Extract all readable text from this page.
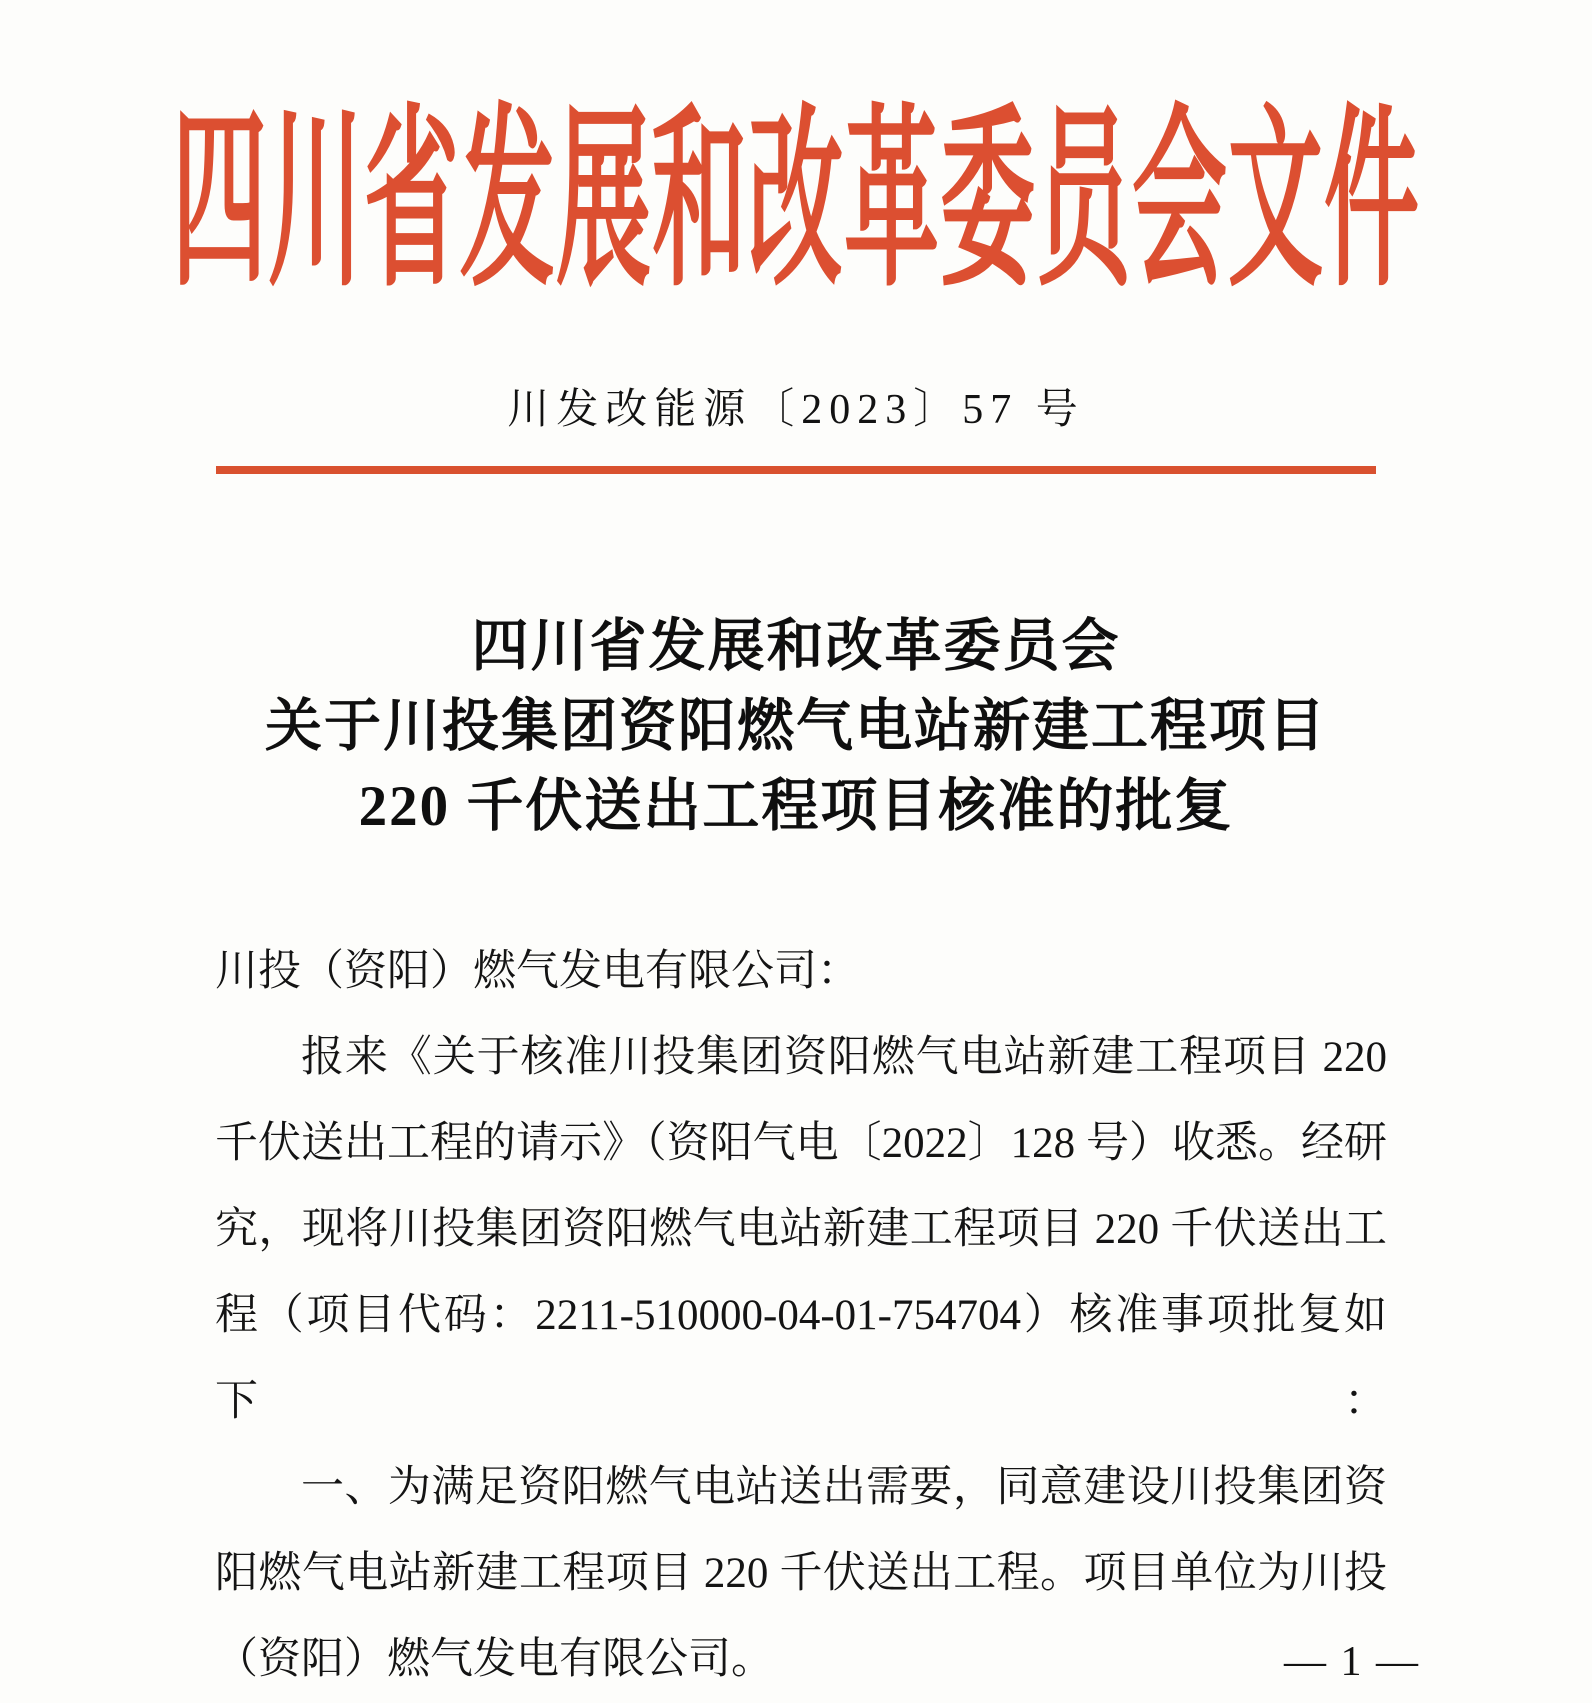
四川省发展和改革委员会文件
川发改能源〔2023〕57 号
四川省发展和改革委员会
关于川投集团资阳燃气电站新建工程项目
220 千伏送出工程项目核准的批复
川投（资阳）燃气发电有限公司：
报来《关于核准川投集团资阳燃气电站新建工程项目 220
千伏送出工程的请示》（资阳气电〔2022〕128 号）收悉。经研
究，现将川投集团资阳燃气电站新建工程项目 220 千伏送出工
程（项目代码：2211-510000-04-01-754704）核准事项批复如下：
一、为满足资阳燃气电站送出需要，同意建设川投集团资
阳燃气电站新建工程项目 220 千伏送出工程。项目单位为川投
（资阳）燃气发电有限公司。	— 1 —
